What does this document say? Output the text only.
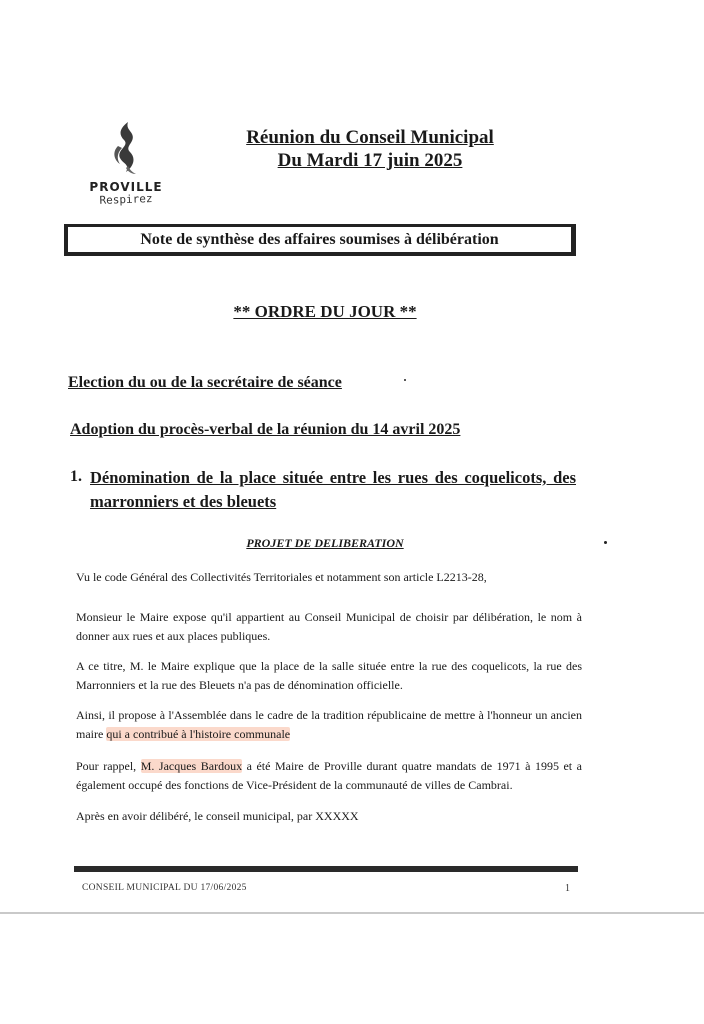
PROVILLE
Respirez
Réunion du Conseil Municipal
Du Mardi 17 juin 2025
Note de synthèse des affaires soumises à délibération
** ORDRE DU JOUR **
Election du ou de la secrétaire de séance
Adoption du procès-verbal de la réunion du 14 avril 2025
1. Dénomination de la place située entre les rues des coquelicots, des marronniers et des bleuets
PROJET DE DELIBERATION
Vu le code Général des Collectivités Territoriales et notamment son article L2213-28,
Monsieur le Maire expose qu'il appartient au Conseil Municipal de choisir par délibération, le nom à donner aux rues et aux places publiques.
A ce titre, M. le Maire explique que la place de la salle située entre la rue des coquelicots, la rue des Marronniers et la rue des Bleuets n'a pas de dénomination officielle.
Ainsi, il propose à l'Assemblée dans le cadre de la tradition républicaine de mettre à l'honneur un ancien maire qui a contribué à l'histoire communale
Pour rappel, M. Jacques Bardoux a été Maire de Proville durant quatre mandats de 1971 à 1995 et a également occupé des fonctions de Vice-Président de la communauté de villes de Cambrai.
Après en avoir délibéré, le conseil municipal, par XXXXX
CONSEIL MUNICIPAL DU 17/06/2025	1
